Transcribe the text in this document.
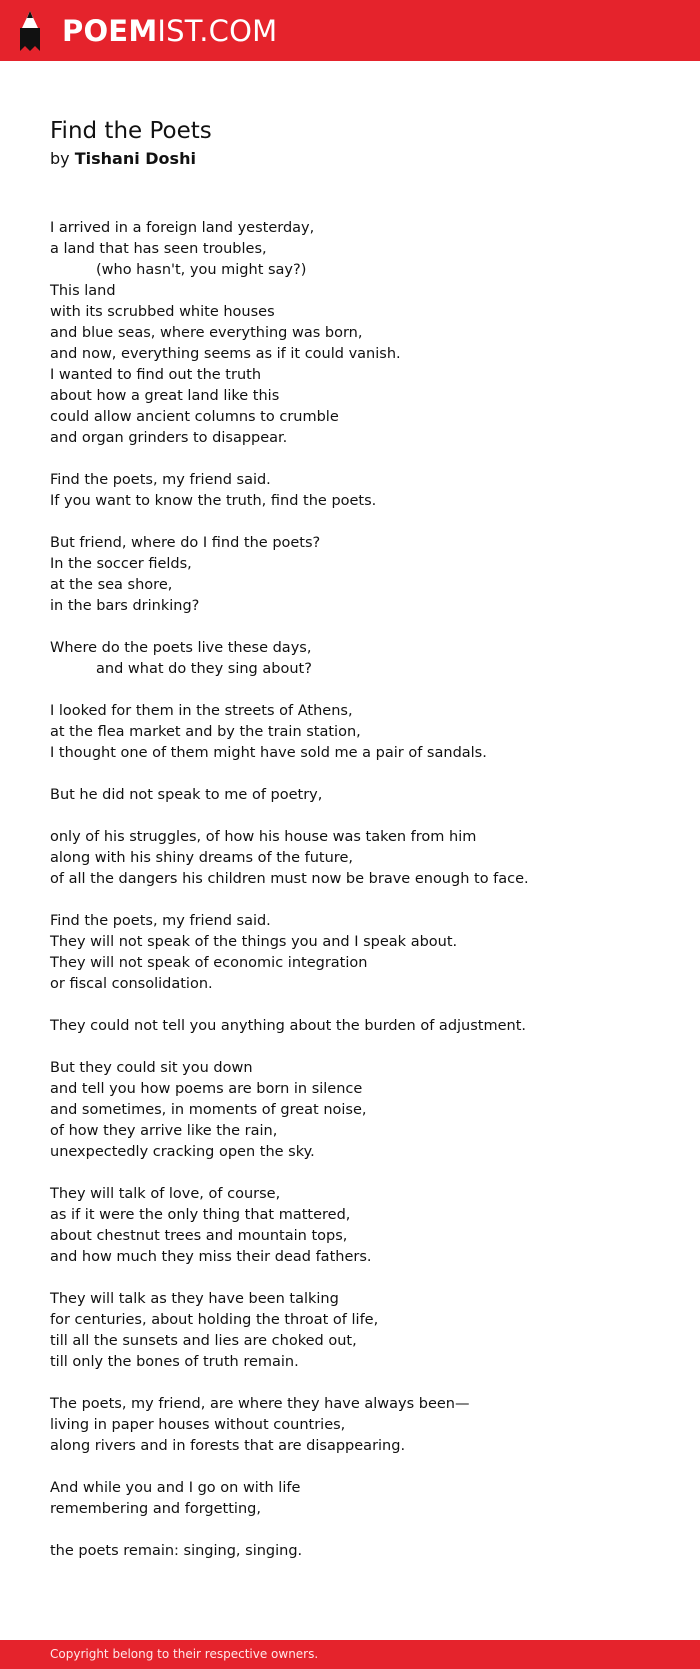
POEMIST.COM
Find the Poets
by Tishani Doshi
I arrived in a foreign land yesterday,
a land that has seen troubles,
(who hasn't, you might say?)
This land
with its scrubbed white houses
and blue seas, where everything was born,
and now, everything seems as if it could vanish.
I wanted to find out the truth
about how a great land like this
could allow ancient columns to crumble
and organ grinders to disappear.
Find the poets, my friend said.
If you want to know the truth, find the poets.
But friend, where do I find the poets?
In the soccer fields,
at the sea shore,
in the bars drinking?
Where do the poets live these days,
and what do they sing about?
I looked for them in the streets of Athens,
at the flea market and by the train station,
I thought one of them might have sold me a pair of sandals.
But he did not speak to me of poetry,
only of his struggles, of how his house was taken from him
along with his shiny dreams of the future,
of all the dangers his children must now be brave enough to face.
Find the poets, my friend said.
They will not speak of the things you and I speak about.
They will not speak of economic integration
or fiscal consolidation.
They could not tell you anything about the burden of adjustment.
But they could sit you down
and tell you how poems are born in silence
and sometimes, in moments of great noise,
of how they arrive like the rain,
unexpectedly cracking open the sky.
They will talk of love, of course,
as if it were the only thing that mattered,
about chestnut trees and mountain tops,
and how much they miss their dead fathers.
They will talk as they have been talking
for centuries, about holding the throat of life,
till all the sunsets and lies are choked out,
till only the bones of truth remain.
The poets, my friend, are where they have always been—
living in paper houses without countries,
along rivers and in forests that are disappearing.
And while you and I go on with life
remembering and forgetting,
the poets remain: singing, singing.
Copyright belong to their respective owners.
